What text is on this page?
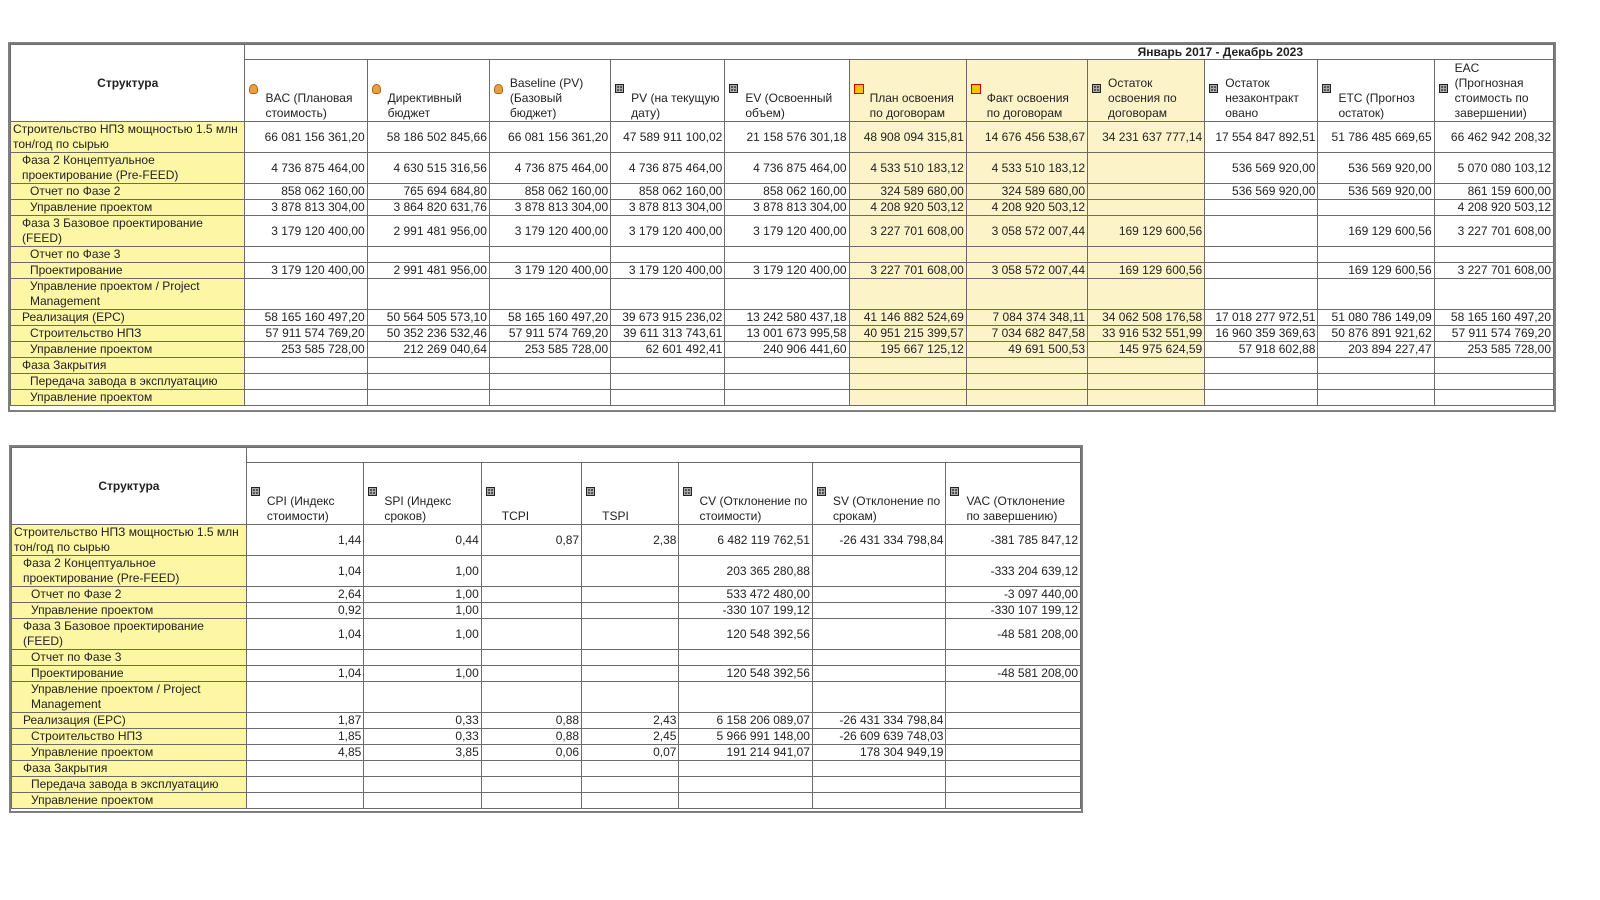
Структура	Январь 2017 - Декабрь 2023										

	BAC (Плановая стоимость)	Директивный бюджет	Baseline (PV) (Базовый бюджет)	PV (на текущую дату)	EV (Освоенный объем)	План освоения по договорам	Факт освоения по договорам	Остаток освоения по договорам	Остаток незаконтракт овано	ETC (Прогноз остаток)	EAC (Прогнозная стоимость по завершении)

Строительство НПЗ мощностью 1.5 млн тон/год по сырью	66 081 156 361,20	58 186 502 845,66	66 081 156 361,20	47 589 911 100,02	21 158 576 301,18	48 908 094 315,81	14 676 456 538,67	34 231 637 777,14	17 554 847 892,51	51 786 485 669,65	66 462 942 208,32
Фаза 2 Концептуальное проектирование (Pre-FEED)	4 736 875 464,00	4 630 515 316,56	4 736 875 464,00	4 736 875 464,00	4 736 875 464,00	4 533 510 183,12	4 533 510 183,12		536 569 920,00	536 569 920,00	5 070 080 103,12
Отчет по Фазе 2	858 062 160,00	765 694 684,80	858 062 160,00	858 062 160,00	858 062 160,00	324 589 680,00	324 589 680,00		536 569 920,00	536 569 920,00	861 159 600,00
Управление проектом	3 878 813 304,00	3 864 820 631,76	3 878 813 304,00	3 878 813 304,00	3 878 813 304,00	4 208 920 503,12	4 208 920 503,12				4 208 920 503,12
Фаза 3 Базовое проектирование (FEED)	3 179 120 400,00	2 991 481 956,00	3 179 120 400,00	3 179 120 400,00	3 179 120 400,00	3 227 701 608,00	3 058 572 007,44	169 129 600,56		169 129 600,56	3 227 701 608,00
Отчет по Фазе 3											
Проектирование	3 179 120 400,00	2 991 481 956,00	3 179 120 400,00	3 179 120 400,00	3 179 120 400,00	3 227 701 608,00	3 058 572 007,44	169 129 600,56		169 129 600,56	3 227 701 608,00
Управление проектом / Project Management											
Реализация (EPC)	58 165 160 497,20	50 564 505 573,10	58 165 160 497,20	39 673 915 236,02	13 242 580 437,18	41 146 882 524,69	7 084 374 348,11	34 062 508 176,58	17 018 277 972,51	51 080 786 149,09	58 165 160 497,20
Строительство НПЗ	57 911 574 769,20	50 352 236 532,46	57 911 574 769,20	39 611 313 743,61	13 001 673 995,58	40 951 215 399,57	7 034 682 847,58	33 916 532 551,99	16 960 359 369,63	50 876 891 921,62	57 911 574 769,20
Управление проектом	253 585 728,00	212 269 040,64	253 585 728,00	62 601 492,41	240 906 441,60	195 667 125,12	49 691 500,53	145 975 624,59	57 918 602,88	203 894 227,47	253 585 728,00
Фаза Закрытия											
Передача завода в эксплуатацию											
Управление проектом											
Структура							

	CPI (Индекс стоимости)	SPI (Индекс сроков)	TCPI	TSPI	CV (Отклонение по стоимости)	SV (Отклонение по срокам)	VAC (Отклонение по завершению)

Строительство НПЗ мощностью 1.5 млн тон/год по сырью	1,44	0,44	0,87	2,38	6 482 119 762,51	-26 431 334 798,84	-381 785 847,12
Фаза 2 Концептуальное проектирование (Pre-FEED)	1,04	1,00			203 365 280,88		-333 204 639,12
Отчет по Фазе 2	2,64	1,00			533 472 480,00		-3 097 440,00
Управление проектом	0,92	1,00			-330 107 199,12		-330 107 199,12
Фаза 3 Базовое проектирование (FEED)	1,04	1,00			120 548 392,56		-48 581 208,00
Отчет по Фазе 3							
Проектирование	1,04	1,00			120 548 392,56		-48 581 208,00
Управление проектом / Project Management							
Реализация (EPC)	1,87	0,33	0,88	2,43	6 158 206 089,07	-26 431 334 798,84	
Строительство НПЗ	1,85	0,33	0,88	2,45	5 966 991 148,00	-26 609 639 748,03	
Управление проектом	4,85	3,85	0,06	0,07	191 214 941,07	178 304 949,19	
Фаза Закрытия							
Передача завода в эксплуатацию							
Управление проектом							
